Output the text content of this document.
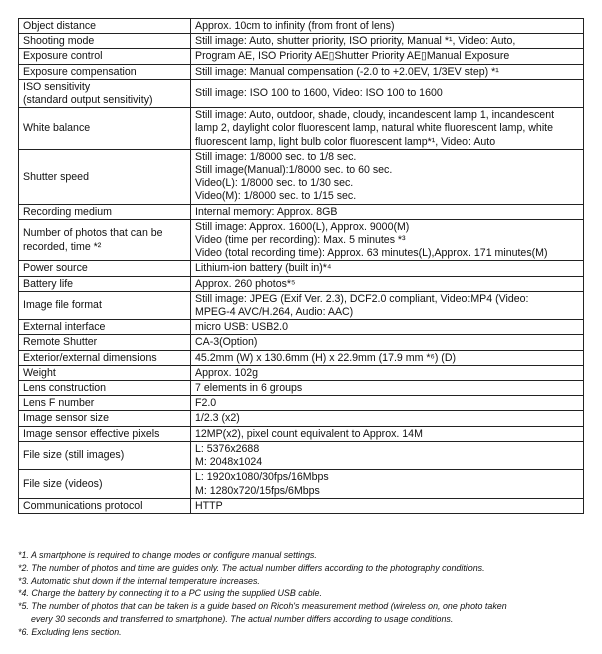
Object distance	Approx. 10cm to infinity (from front of lens)

Shooting mode	Still image: Auto, shutter priority, ISO priority, Manual *¹, Video: Auto,

Exposure control	Program AE, ISO Priority AE▯Shutter Priority AE▯Manual Exposure

Exposure compensation	Still image: Manual compensation (-2.0 to +2.0EV, 1/3EV step) *¹

ISO sensitivity
(standard output sensitivity)	Still image: ISO 100 to 1600, Video: ISO 100 to 1600

White balance	Still image: Auto, outdoor, shade, cloudy, incandescent lamp 1, incandescent
lamp 2, daylight color fluorescent lamp, natural white fluorescent lamp, white
fluorescent lamp, light bulb color fluorescent lamp*¹, Video: Auto

Shutter speed	Still image: 1/8000 sec. to 1/8 sec.
Still image(Manual):1/8000 sec. to 60 sec.
Video(L): 1/8000 sec. to 1/30 sec.
Video(M): 1/8000 sec. to 1/15 sec.

Recording medium	Internal memory: Approx. 8GB

Number of photos that can be
recorded, time *²	Still image: Approx. 1600(L), Approx. 9000(M)
Video (time per recording): Max. 5 minutes *³
Video (total recording time): Approx. 63 minutes(L),Approx. 171 minutes(M)

Power source	Lithium-ion battery (built in)*⁴

Battery life	Approx. 260 photos*⁵

Image file format	Still image: JPEG (Exif Ver. 2.3), DCF2.0 compliant, Video:MP4 (Video:
MPEG-4 AVC/H.264, Audio: AAC)

External interface	micro USB: USB2.0

Remote Shutter	CA-3(Option)

Exterior/external dimensions	45.2mm (W) x 130.6mm (H) x 22.9mm (17.9 mm *⁶) (D)

Weight	Approx. 102g

Lens construction	7 elements in 6 groups

Lens F number	F2.0

Image sensor size	1/2.3 (x2)

Image sensor effective pixels	12MP(x2), pixel count equivalent to Approx. 14M

File size (still images)	L: 5376x2688
M: 2048x1024

File size (videos)	L: 1920x1080/30fps/16Mbps
M: 1280x720/15fps/6Mbps

Communications protocol	HTTP
*1. A smartphone is required to change modes or configure manual settings.
*2. The number of photos and time are guides only. The actual number differs according to the photography conditions.
*3. Automatic shut down if the internal temperature increases.
*4. Charge the battery by connecting it to a PC using the supplied USB cable.
*5. The number of photos that can be taken is a guide based on Ricoh's measurement method (wireless on, one photo taken
every 30 seconds and transferred to smartphone). The actual number differs according to usage conditions.
*6. Excluding lens section.
